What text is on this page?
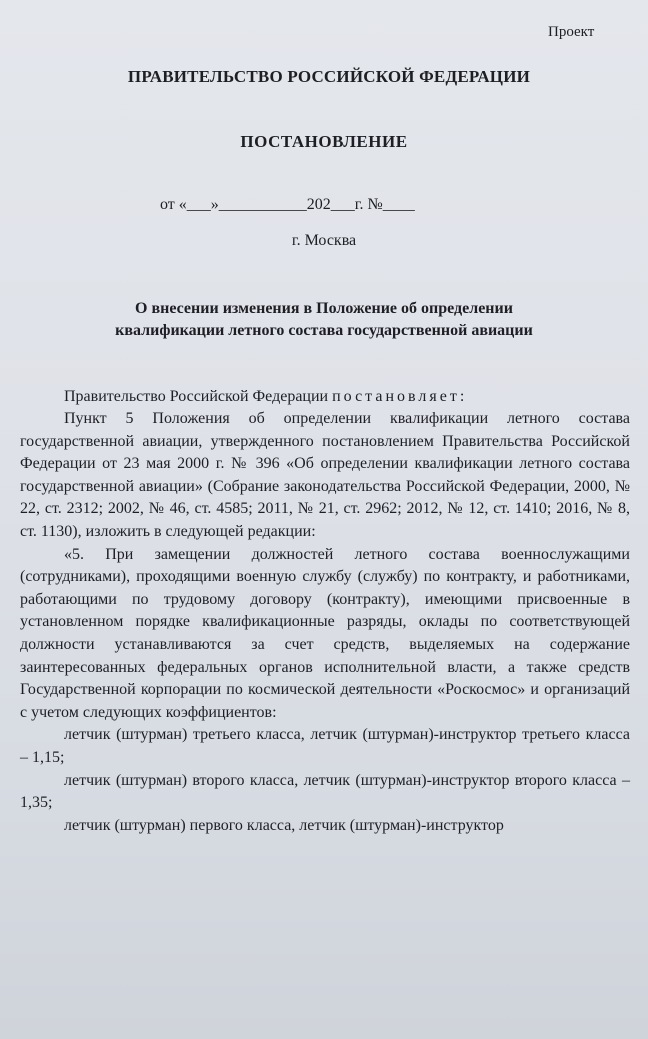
Проект

ПРАВИТЕЛЬСТВО РОССИЙСКОЙ ФЕДЕРАЦИИ

ПОСТАНОВЛЕНИЕ

от «___»___________202___г. №____

г. Москва

О внесении изменения в Положение об определении
квалификации летного состава государственной авиации

Правительство Российской Федерации постановляет:

Пункт 5 Положения об определении квалификации летного состава государственной авиации, утвержденного постановлением Правительства Российской Федерации от 23 мая 2000 г. № 396 «Об определении квалификации летного состава государственной авиации» (Собрание законодательства Российской Федерации, 2000, № 22, ст. 2312; 2002, № 46, ст. 4585; 2011, № 21, ст. 2962; 2012, № 12, ст. 1410; 2016, № 8, ст. 1130), изложить в следующей редакции:

«5. При замещении должностей летного состава военнослужащими (сотрудниками), проходящими военную службу (службу) по контракту, и работниками, работающими по трудовому договору (контракту), имеющими присвоенные в установленном порядке квалификационные разряды, оклады по соответствующей должности устанавливаются за счет средств, выделяемых на содержание заинтересованных федеральных органов исполнительной власти, а также средств Государственной корпорации по космической деятельности «Роскосмос» и организаций с учетом следующих коэффициентов:

летчик (штурман) третьего класса, летчик (штурман)-инструктор третьего класса – 1,15;

летчик (штурман) второго класса, летчик (штурман)-инструктор второго класса – 1,35;

летчик (штурман) первого класса, летчик (штурман)-инструктор
